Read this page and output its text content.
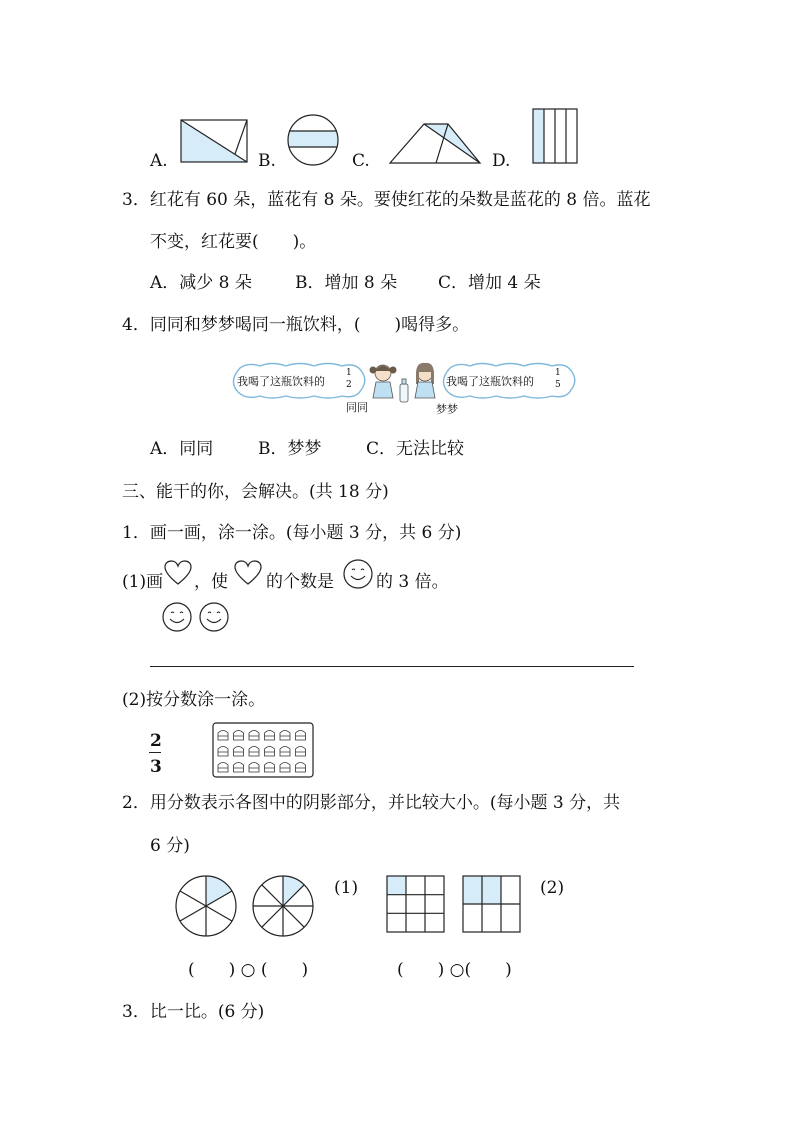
A.	B.	C.	D.
3．红花有 60 朵，蓝花有 8 朵。要使红花的朵数是蓝花的 8 倍。蓝花
不变，红花要(　　)。
A．减少 8 朵	B．增加 8 朵 C．增加 4 朵
4．同同和梦梦喝同一瓶饮料，(　　)喝得多。
我喝了这瓶饮料的
1
2	我喝了这瓶饮料的
1
5
同同	梦梦
A．同同	B．梦梦	C．无法比较
三、能干的你，会解决。(共 18 分)
1．画一画，涂一涂。(每小题 3 分，共 6 分)
(1)画 ，使 的个数是 的 3 倍。
(2)按分数涂一涂。
2
3
2．用分数表示各图中的阴影部分，并比较大小。(每小题 3 分，共
6 分)
(1)	(2)
(　　) ○ (　　)	(　　) ○(　　)
3．比一比。(6 分)
